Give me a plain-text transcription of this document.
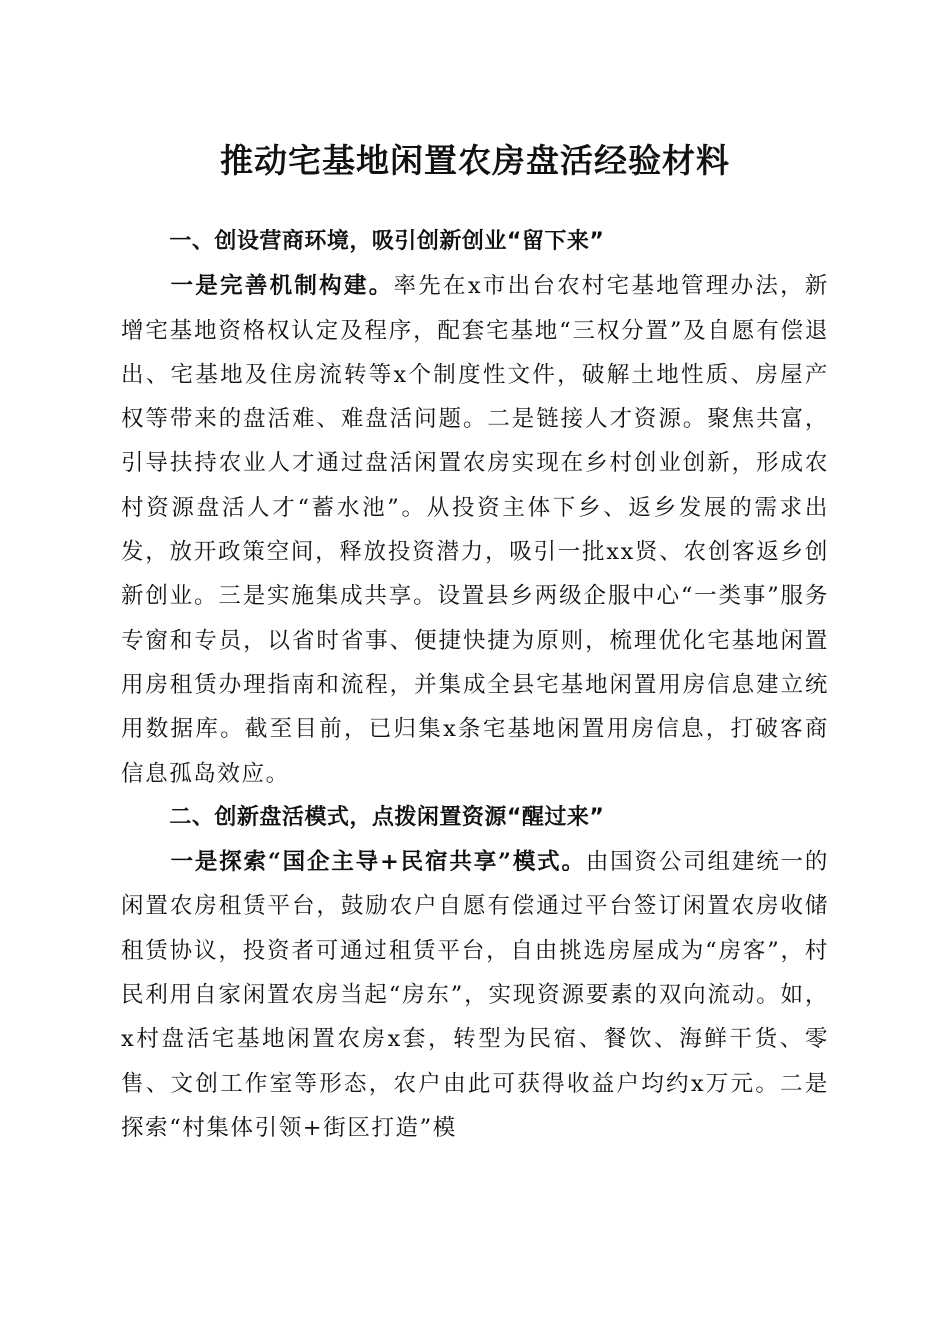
推动宅基地闲置农房盘活经验材料

一、创设营商环境，吸引创新创业“留下来”

一是完善机制构建。率先在x市出台农村宅基地管理办法，新增宅基地资格权认定及程序，配套宅基地“三权分置”及自愿有偿退出、宅基地及住房流转等x个制度性文件，破解土地性质、房屋产权等带来的盘活难、难盘活问题。二是链接人才资源。聚焦共富，引导扶持农业人才通过盘活闲置农房实现在乡村创业创新，形成农村资源盘活人才“蓄水池”。从投资主体下乡、返乡发展的需求出发，放开政策空间，释放投资潜力，吸引一批xx贤、农创客返乡创新创业。三是实施集成共享。设置县乡两级企服中心“一类事”服务专窗和专员，以省时省事、便捷快捷为原则，梳理优化宅基地闲置用房租赁办理指南和流程，并集成全县宅基地闲置用房信息建立统用数据库。截至目前，已归集x条宅基地闲置用房信息，打破客商信息孤岛效应。

二、创新盘活模式，点拨闲置资源“醒过来”

一是探索“国企主导+民宿共享”模式。由国资公司组建统一的闲置农房租赁平台，鼓励农户自愿有偿通过平台签订闲置农房收储租赁协议，投资者可通过租赁平台，自由挑选房屋成为“房客”，村民利用自家闲置农房当起“房东”，实现资源要素的双向流动。如，x村盘活宅基地闲置农房x套，转型为民宿、餐饮、海鲜干货、零售、文创工作室等形态，农户由此可获得收益户均约x万元。二是探索“村集体引领+街区打造”模
